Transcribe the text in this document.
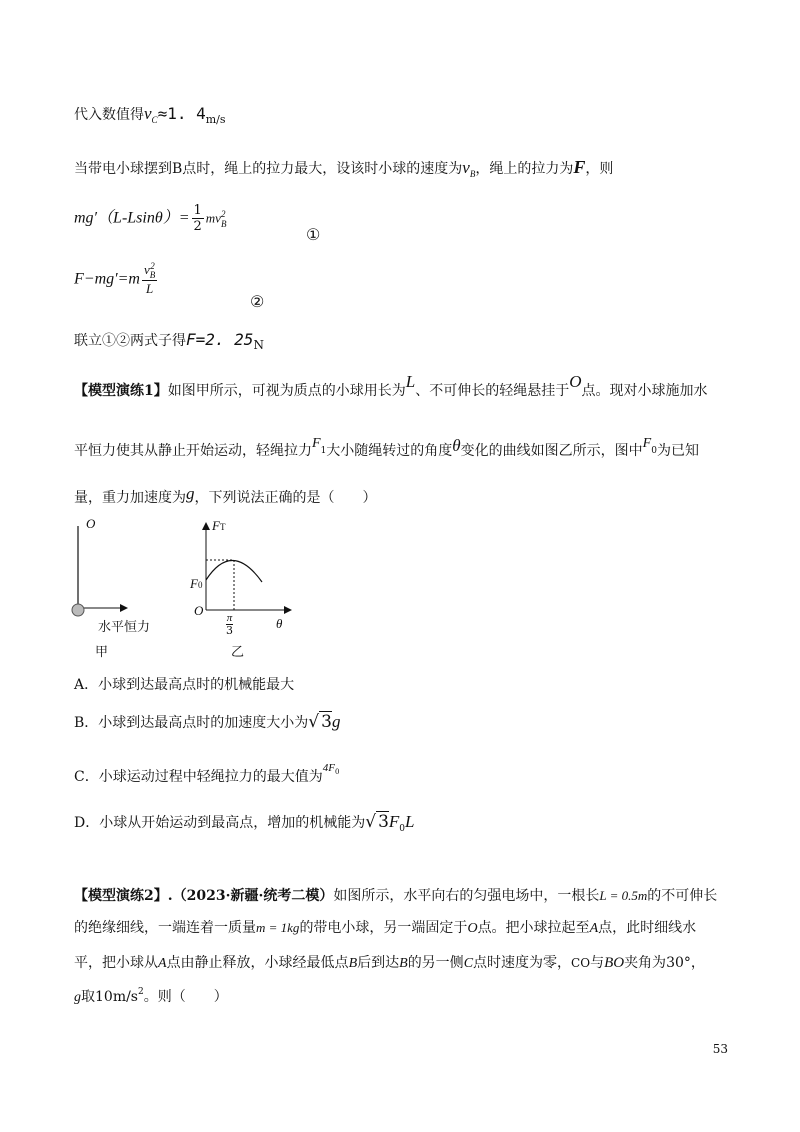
代入数值得$v_C\approx 1$. $4_{m/s}$
当带电小球摆到B点时，绳上的拉力最大，设该时小球的速度为$v_B$，绳上的拉力为F，则
$mg'(L-Lsin\theta)= \frac{1}{2}$ mv 2
B
①
F−mg′=m v 2
B
L
②
联立①②两式子得F=2. 25N
【模型演练1】如图甲所示，可视为质点的小球用长为L、不可伸长的轻绳悬挂于O点。现对小球施加水
平恒力使其从静止开始运动，轻绳拉力F1大小随绳转过的角度θ变化的曲线如图乙所示，图中F0为已知
量，重力加速度为g，下列说法正确的是（　　）
O
水平恒力
甲
FT
F0
O π
3	θ
乙
A．小球到达最高点时的机械能最大
B．小球到达最高点时的加速度大小为√ 3g
C．小球运动过程中轻绳拉力的最大值为$^{4F0}$
D．小球从开始运动到最高点，增加的机械能为√ $3F_0L$
【模型演练2】.（2023·新疆·统考二模）如图所示，水平向右的匀强电场中，一根长L = 0.5m的不可伸长
的绝缘细线，一端连着一质量m = 1kg的带电小球，另一端固定于O点。把小球拉起至A点，此时细线水
平，把小球从A点由静止释放，小球经最低点B后到达B的另一侧C点时速度为零，CO与BO夹角为30°，
g取$10m/s^2$。则（　　）
53
